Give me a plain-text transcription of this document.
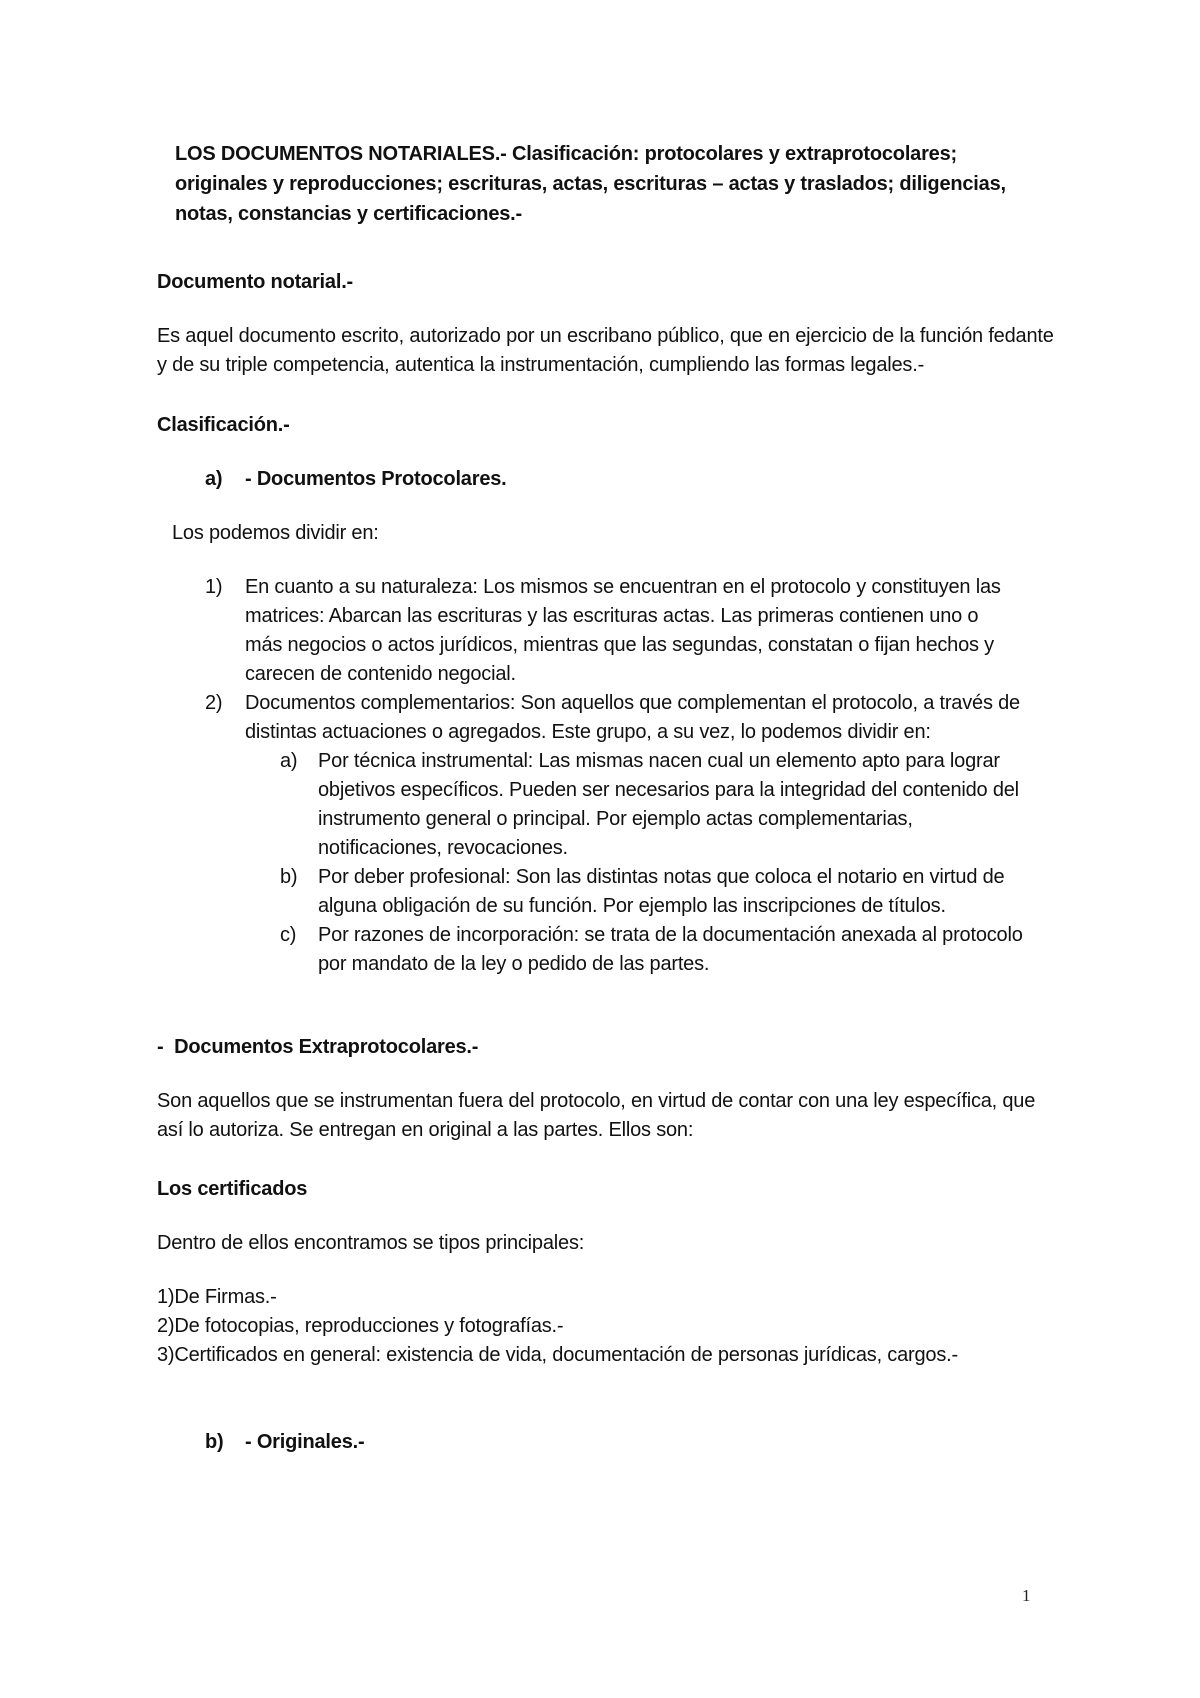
LOS DOCUMENTOS NOTARIALES.- Clasificación: protocolares y extraprotocolares;
originales y reproducciones; escrituras, actas, escrituras – actas y traslados; diligencias,
notas, constancias y certificaciones.-
Documento notarial.-
Es aquel documento escrito, autorizado por un escribano público, que en ejercicio de la función fedante
y de su triple competencia, autentica la instrumentación, cumpliendo las formas legales.-
Clasificación.-
a) - Documentos Protocolares.
Los podemos dividir en:
1) En cuanto a su naturaleza: Los mismos se encuentran en el protocolo y constituyen las
matrices: Abarcan las escrituras y las escrituras actas. Las primeras contienen uno o
más negocios o actos jurídicos, mientras que las segundas, constatan o fijan hechos y
carecen de contenido negocial.
2) Documentos complementarios: Son aquellos que complementan el protocolo, a través de
distintas actuaciones o agregados. Este grupo, a su vez, lo podemos dividir en:
a) Por técnica instrumental: Las mismas nacen cual un elemento apto para lograr
objetivos específicos. Pueden ser necesarios para la integridad del contenido del
instrumento general o principal. Por ejemplo actas complementarias,
notificaciones, revocaciones.
b) Por deber profesional: Son las distintas notas que coloca el notario en virtud de
alguna obligación de su función. Por ejemplo las inscripciones de títulos.
c) Por razones de incorporación: se trata de la documentación anexada al protocolo
por mandato de la ley o pedido de las partes.
-  Documentos Extraprotocolares.-
Son aquellos que se instrumentan fuera del protocolo, en virtud de contar con una ley específica, que
así lo autoriza. Se entregan en original a las partes. Ellos son:
Los certificados
Dentro de ellos encontramos se tipos principales:
1)De Firmas.-
2)De fotocopias, reproducciones y fotografías.-
3)Certificados en general: existencia de vida, documentación de personas jurídicas, cargos.-
b) - Originales.-
1
